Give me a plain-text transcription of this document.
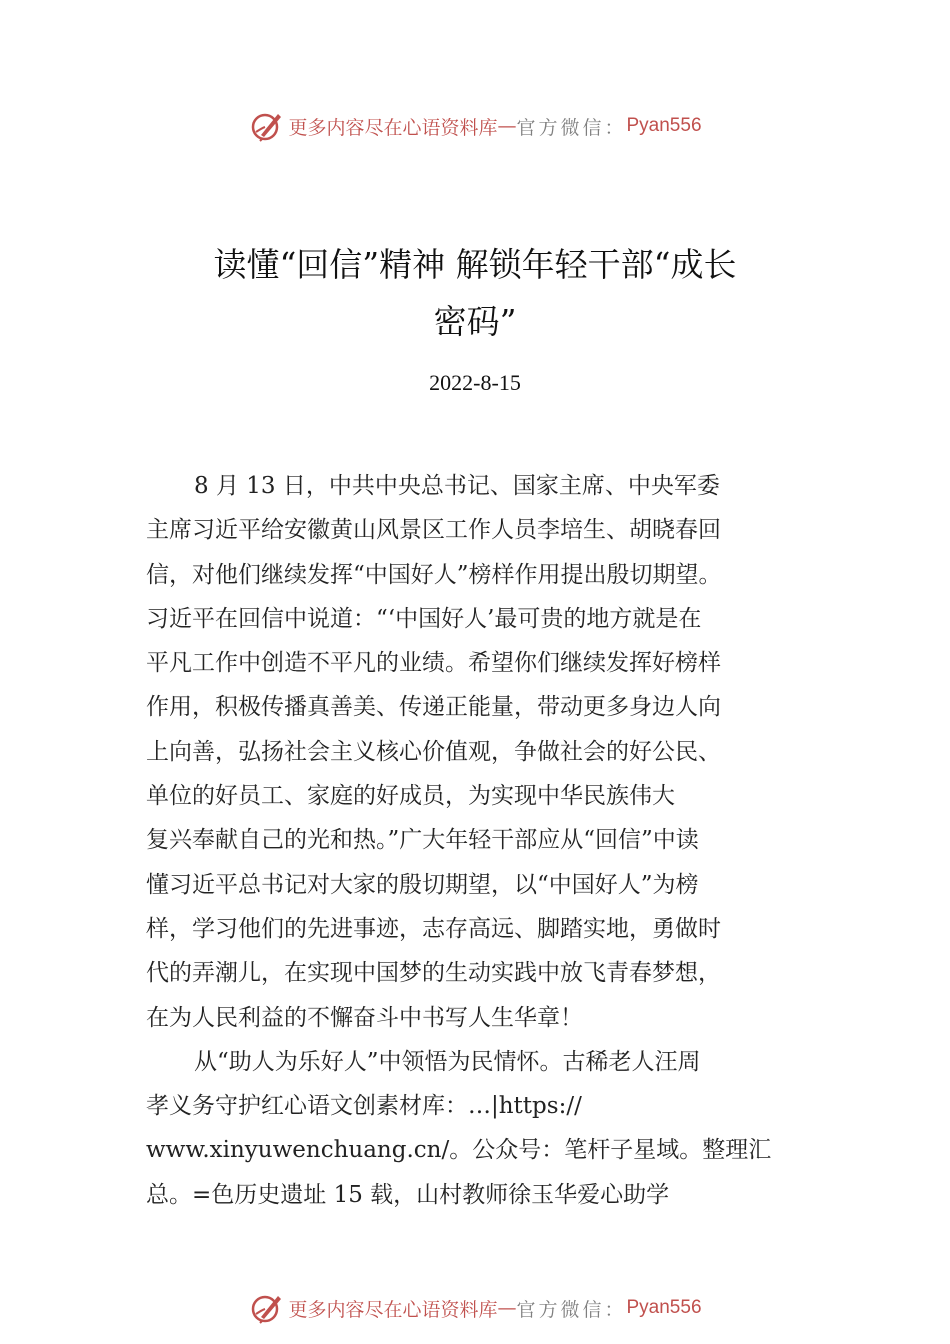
更多内容尽在心语资料库 — 官方微信： Pyan556
读懂“回信”精神 解锁年轻干部“成长
密码”
2022-8-15
8 月 13 日，中共中央总书记、国家主席、中央军委
主席习近平给安徽黄山风景区工作人员李培生、胡晓春回
信，对他们继续发挥“中国好人”榜样作用提出殷切期望。
习近平在回信中说道：“‘中国好人’最可贵的地方就是在
平凡工作中创造不平凡的业绩。希望你们继续发挥好榜样
作用，积极传播真善美、传递正能量，带动更多身边人向
上向善，弘扬社会主义核心价值观，争做社会的好公民、
单位的好员工、家庭的好成员，为实现中华民族伟大
复兴奉献自己的光和热。”广大年轻干部应从“回信”中读
懂习近平总书记对大家的殷切期望，以“中国好人”为榜
样，学习他们的先进事迹，志存高远、脚踏实地，勇做时
代的弄潮儿，在实现中国梦的生动实践中放飞青春梦想，
在为人民利益的不懈奋斗中书写人生华章！
从“助人为乐好人”中领悟为民情怀。古稀老人汪周
孝义务守护红心语文创素材库：…|https://
www.xinyuwenchuang.cn/。公众号：笔杆子星域。整理汇
总。=色历史遗址 15 载，山村教师徐玉华爱心助学
更多内容尽在心语资料库 — 官方微信： Pyan556
